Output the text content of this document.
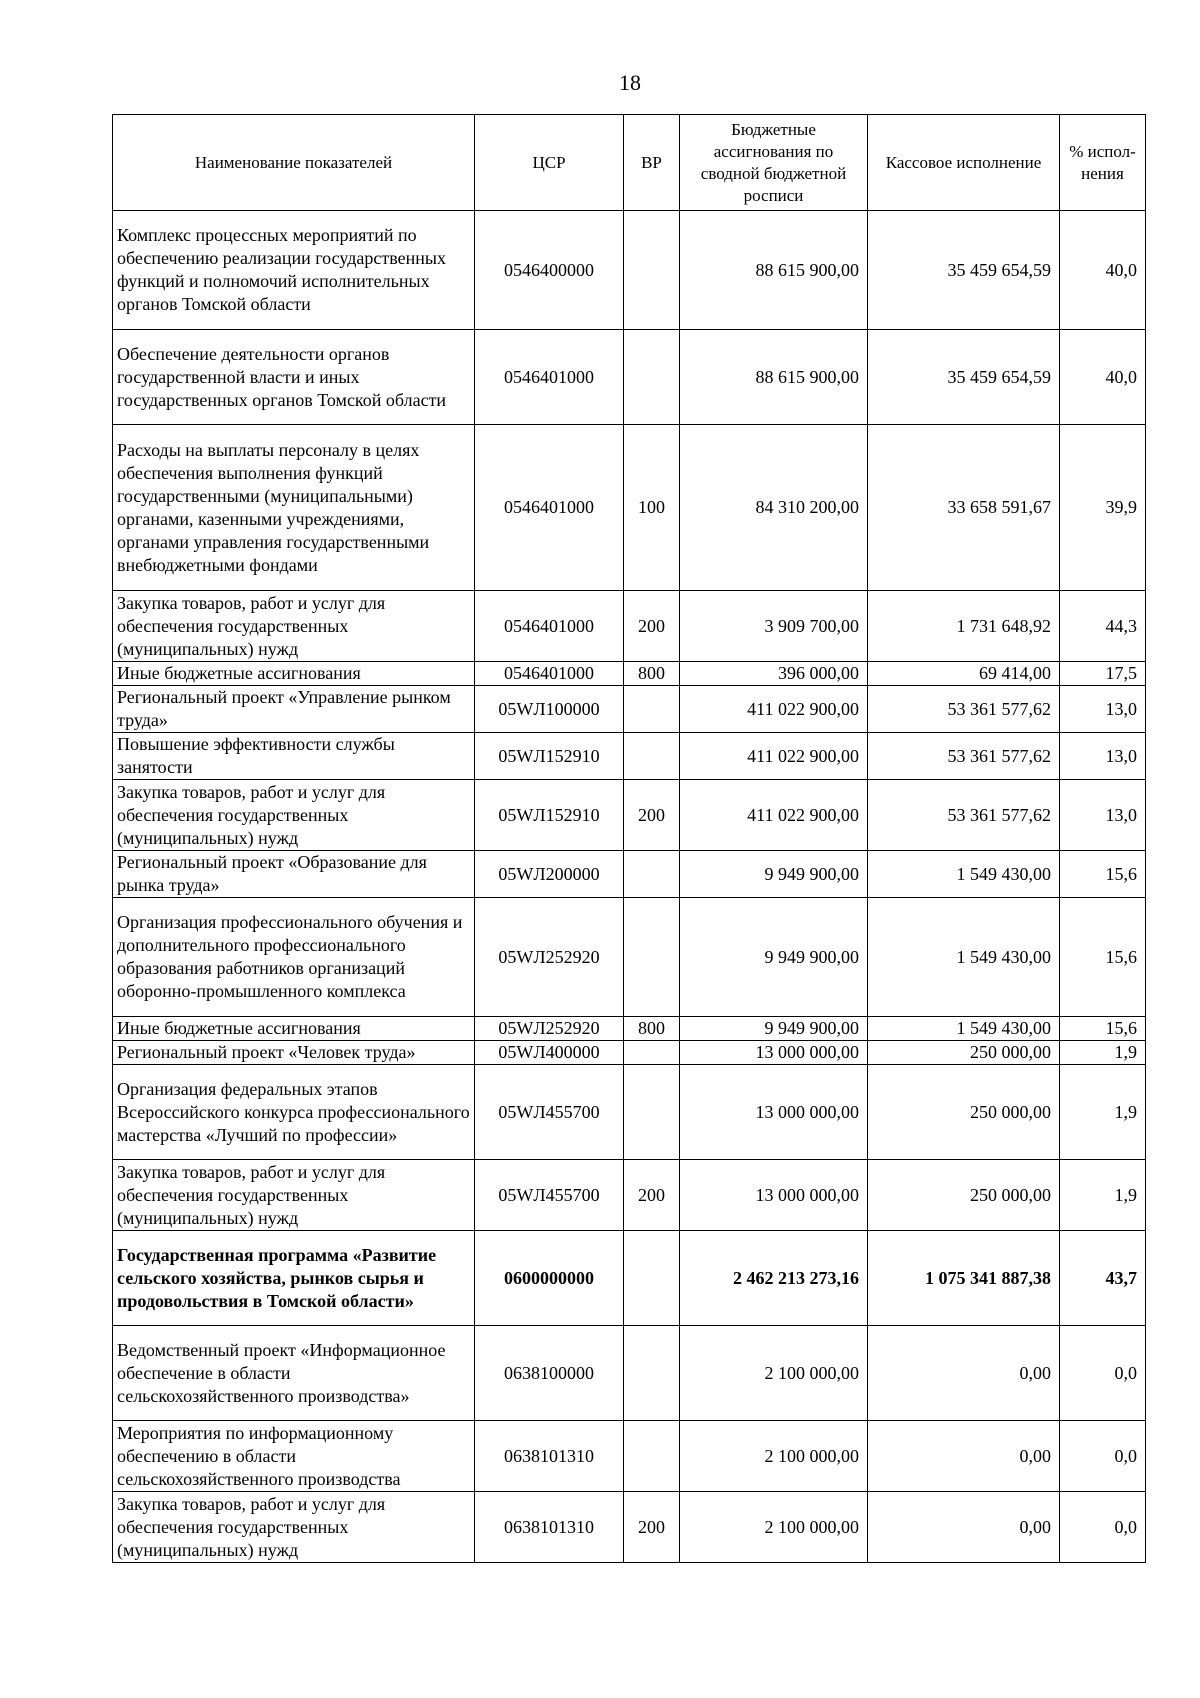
18
Наименование показателей	ЦСР	ВР	Бюджетные ассигнования по сводной бюджетной росписи	Кассовое исполнение	% испол-нения
Комплекс процессных мероприятий по обеспечению реализации государственных функций и полномочий исполнительных органов Томской области	0546400000		88 615 900,00	35 459 654,59	40,0
Обеспечение деятельности органов государственной власти и иных государственных органов Томской области	0546401000		88 615 900,00	35 459 654,59	40,0
Расходы на выплаты персоналу в целях обеспечения выполнения функций государственными (муниципальными) органами, казенными учреждениями, органами управления государственными внебюджетными фондами	0546401000	100	84 310 200,00	33 658 591,67	39,9
Закупка товаров, работ и услуг для обеспечения государственных (муниципальных) нужд	0546401000	200	3 909 700,00	1 731 648,92	44,3
Иные бюджетные ассигнования	0546401000	800	396 000,00	69 414,00	17,5
Региональный проект «Управление рынком труда»	05WЛ100000		411 022 900,00	53 361 577,62	13,0
Повышение эффективности службы занятости	05WЛ152910		411 022 900,00	53 361 577,62	13,0
Закупка товаров, работ и услуг для обеспечения государственных (муниципальных) нужд	05WЛ152910	200	411 022 900,00	53 361 577,62	13,0
Региональный проект «Образование для рынка труда»	05WЛ200000		9 949 900,00	1 549 430,00	15,6
Организация профессионального обучения и дополнительного профессионального образования работников организаций оборонно-промышленного комплекса	05WЛ252920		9 949 900,00	1 549 430,00	15,6
Иные бюджетные ассигнования	05WЛ252920	800	9 949 900,00	1 549 430,00	15,6
Региональный проект «Человек труда»	05WЛ400000		13 000 000,00	250 000,00	1,9
Организация федеральных этапов Всероссийского конкурса профессионального мастерства «Лучший по профессии»	05WЛ455700		13 000 000,00	250 000,00	1,9
Закупка товаров, работ и услуг для обеспечения государственных (муниципальных) нужд	05WЛ455700	200	13 000 000,00	250 000,00	1,9
Государственная программа «Развитие сельского хозяйства, рынков сырья и продовольствия в Томской области»	0600000000		2 462 213 273,16	1 075 341 887,38	43,7
Ведомственный проект «Информационное обеспечение в области сельскохозяйственного производства»	0638100000		2 100 000,00	0,00	0,0
Мероприятия по информационному обеспечению в области сельскохозяйственного производства	0638101310		2 100 000,00	0,00	0,0
Закупка товаров, работ и услуг для обеспечения государственных (муниципальных) нужд	0638101310	200	2 100 000,00	0,00	0,0
